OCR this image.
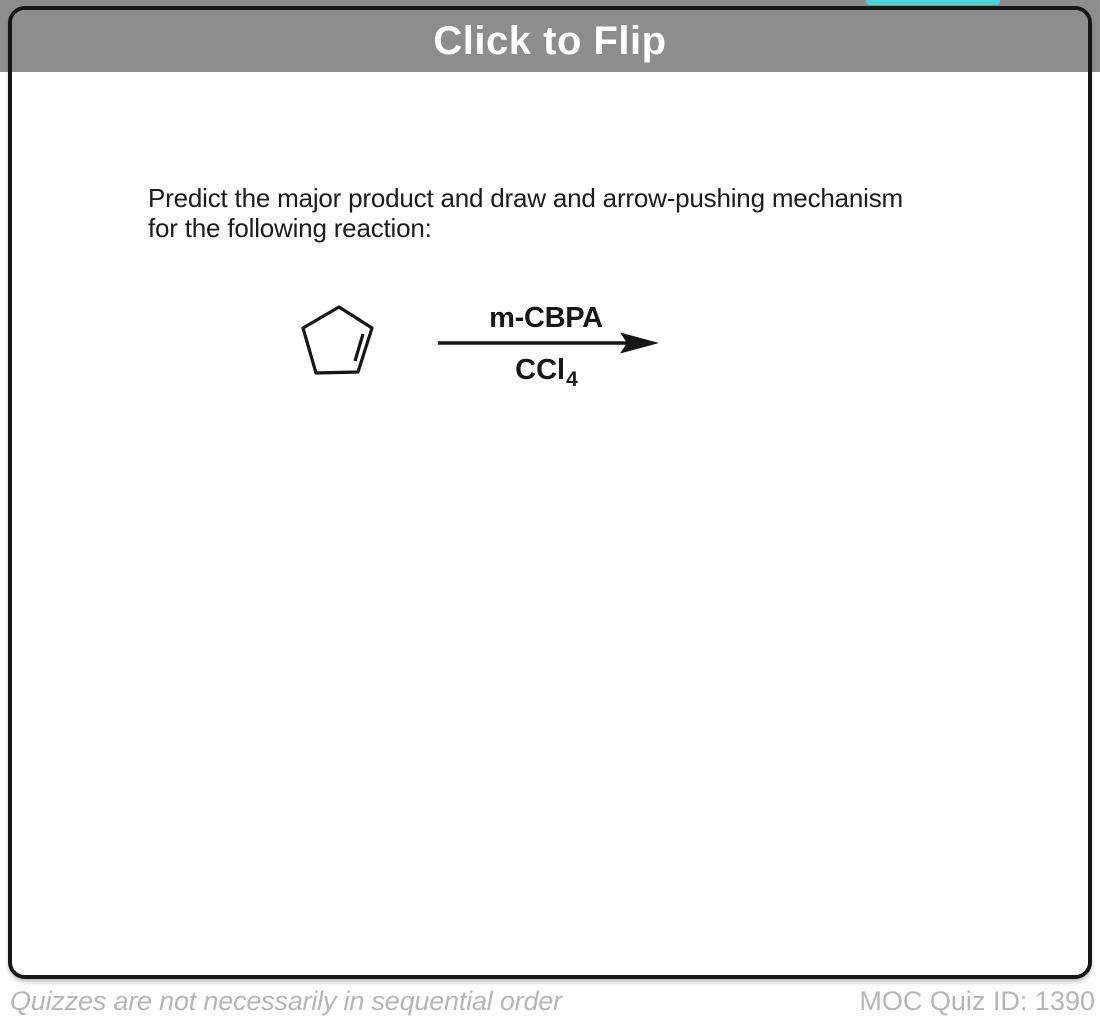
Click to Flip
Predict the major product and draw and arrow-pushing mechanism
for the following reaction:
m-CBPA
CCl$_4$
Quizzes are not necessarily in sequential order	MOC Quiz ID: 1390
